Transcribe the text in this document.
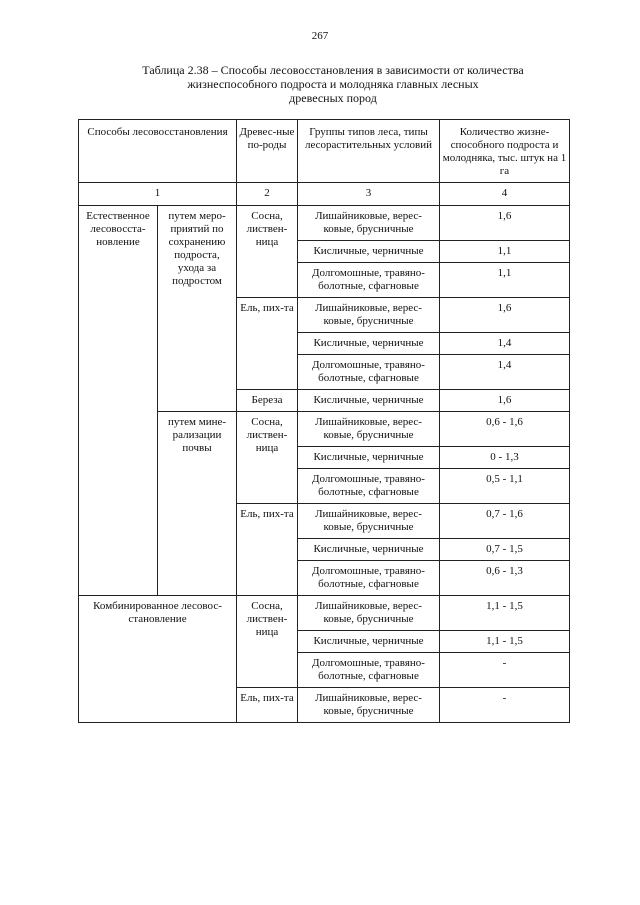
267
Таблица 2.38 – Способы лесовосстановления в зависимости от количества
жизнеспособного подроста и молодняка главных лесных
древесных пород
Способы лесовосстановления		Древес-ные по-роды	Группы типов леса, типы лесорастительных условий	Количество жизне-способного подроста и молодняка, тыс. штук на 1 га
1		2	3	4
Естественное лесовосста-новление	путем меро-приятий по сохранению подроста, ухода за подростом	Сосна, листвен-ница	Лишайниковые, верес-ковые, брусничные	1,6
			Кисличные, черничные	1,1
			Долгомошные, травяно-болотные, сфагновые	1,1
		Ель, пих-та	Лишайниковые, верес-ковые, брусничные	1,6
			Кисличные, черничные	1,4
			Долгомошные, травяно-болотные, сфагновые	1,4
		Береза	Кисличные, черничные	1,6
	путем мине-рализации почвы	Сосна, листвен-ница	Лишайниковые, верес-ковые, брусничные	0,6 - 1,6
			Кисличные, черничные	0 - 1,3
			Долгомошные, травяно-болотные, сфагновые	0,5 - 1,1
		Ель, пих-та	Лишайниковые, верес-ковые, брусничные	0,7 - 1,6
			Кисличные, черничные	0,7 - 1,5
			Долгомошные, травяно-болотные, сфагновые	0,6 - 1,3
Комбинированное лесовос-становление		Сосна, листвен-ница	Лишайниковые, верес-ковые, брусничные	1,1 - 1,5
			Кисличные, черничные	1,1 - 1,5
			Долгомошные, травяно-болотные, сфагновые	-
		Ель, пих-та	Лишайниковые, верес-ковые, брусничные	-
